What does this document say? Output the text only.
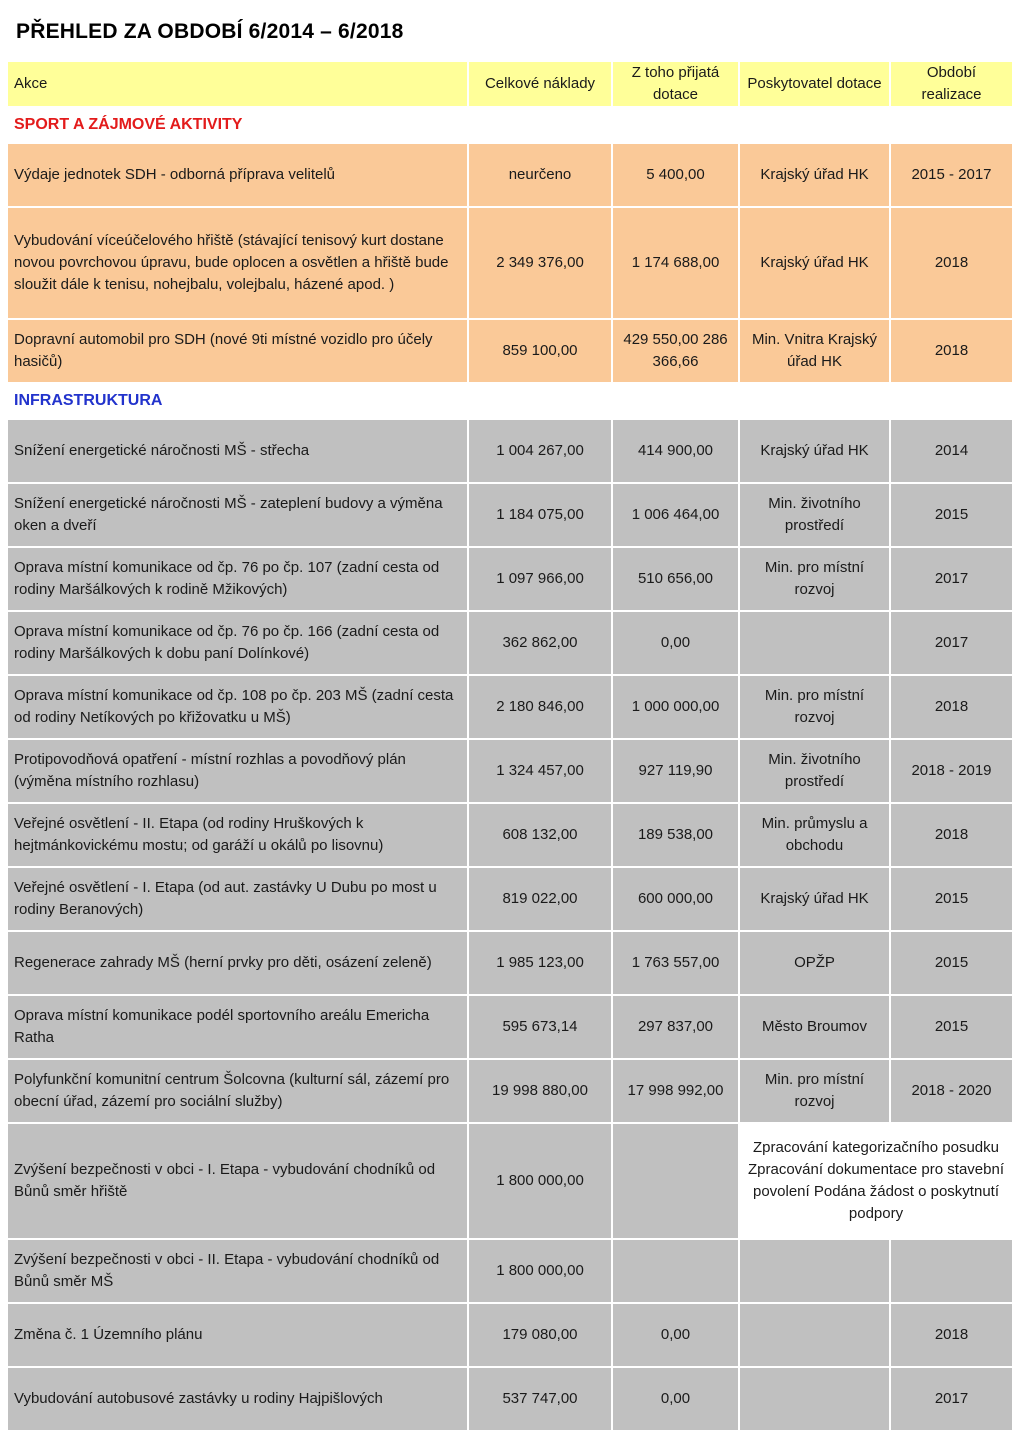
PŘEHLED ZA OBDOBÍ 6/2014 – 6/2018
Akce	Celkové náklady	Z toho přijatá dotace	Poskytovatel dotace	Období realizace
SPORT A ZÁJMOVÉ AKTIVITY				
Výdaje jednotek SDH - odborná příprava velitelů	neurčeno	5 400,00	Krajský úřad HK	2015 - 2017
Vybudování víceúčelového hřiště (stávající tenisový kurt dostane novou povrchovou úpravu, bude oplocen a osvětlen a hřiště bude sloužit dále k tenisu, nohejbalu, volejbalu, házené apod. )	2 349 376,00	1 174 688,00	Krajský úřad HK	2018
Dopravní automobil pro SDH (nové 9ti místné vozidlo pro účely hasičů)	859 100,00	429 550,00 286 366,66	Min. Vnitra Krajský úřad HK	2018
INFRASTRUKTURA				
Snížení energetické náročnosti MŠ - střecha	1 004 267,00	414 900,00	Krajský úřad HK	2014
Snížení energetické náročnosti MŠ - zateplení budovy a výměna oken a dveří	1 184 075,00	1 006 464,00	Min. životního prostředí	2015
Oprava místní komunikace od čp. 76 po čp. 107 (zadní cesta od rodiny Maršálkových k rodině Mžikových)	1 097 966,00	510 656,00	Min. pro místní rozvoj	2017
Oprava místní komunikace od čp. 76 po čp. 166 (zadní cesta od rodiny Maršálkových k dobu paní Dolínkové)	362 862,00	0,00		2017
Oprava místní komunikace od čp. 108 po čp. 203 MŠ (zadní cesta od rodiny Netíkových po křižovatku u MŠ)	2 180 846,00	1 000 000,00	Min. pro místní rozvoj	2018
Protipovodňová opatření - místní rozhlas a povodňový plán (výměna místního rozhlasu)	1 324 457,00	927 119,90	Min. životního prostředí	2018 - 2019
Veřejné osvětlení - II. Etapa (od rodiny Hruškových k hejtmánkovickému mostu; od garáží u okálů po lisovnu)	608 132,00	189 538,00	Min. průmyslu a obchodu	2018
Veřejné osvětlení - I. Etapa (od aut. zastávky U Dubu po most u rodiny Beranových)	819 022,00	600 000,00	Krajský úřad HK	2015
Regenerace zahrady MŠ (herní prvky pro děti, osázení zeleně)	1 985 123,00	1 763 557,00	OPŽP	2015
Oprava místní komunikace podél sportovního areálu Emericha Ratha	595 673,14	297 837,00	Město Broumov	2015
Polyfunkční komunitní centrum Šolcovna (kulturní sál, zázemí pro obecní úřad, zázemí pro sociální služby)	19 998 880,00	17 998 992,00	Min. pro místní rozvoj	2018 - 2020
Zvýšení bezpečnosti v obci - I. Etapa - vybudování chodníků od Bůnů směr hřiště	1 800 000,00		Zpracování kategorizačního posudku Zpracování dokumentace pro stavební povolení Podána žádost o poskytnutí podpory	
Zvýšení bezpečnosti v obci - II. Etapa - vybudování chodníků od Bůnů směr MŠ	1 800 000,00			
Změna č. 1 Územního plánu	179 080,00	0,00		2018
Vybudování autobusové zastávky u rodiny Hajpišlových	537 747,00	0,00		2017
